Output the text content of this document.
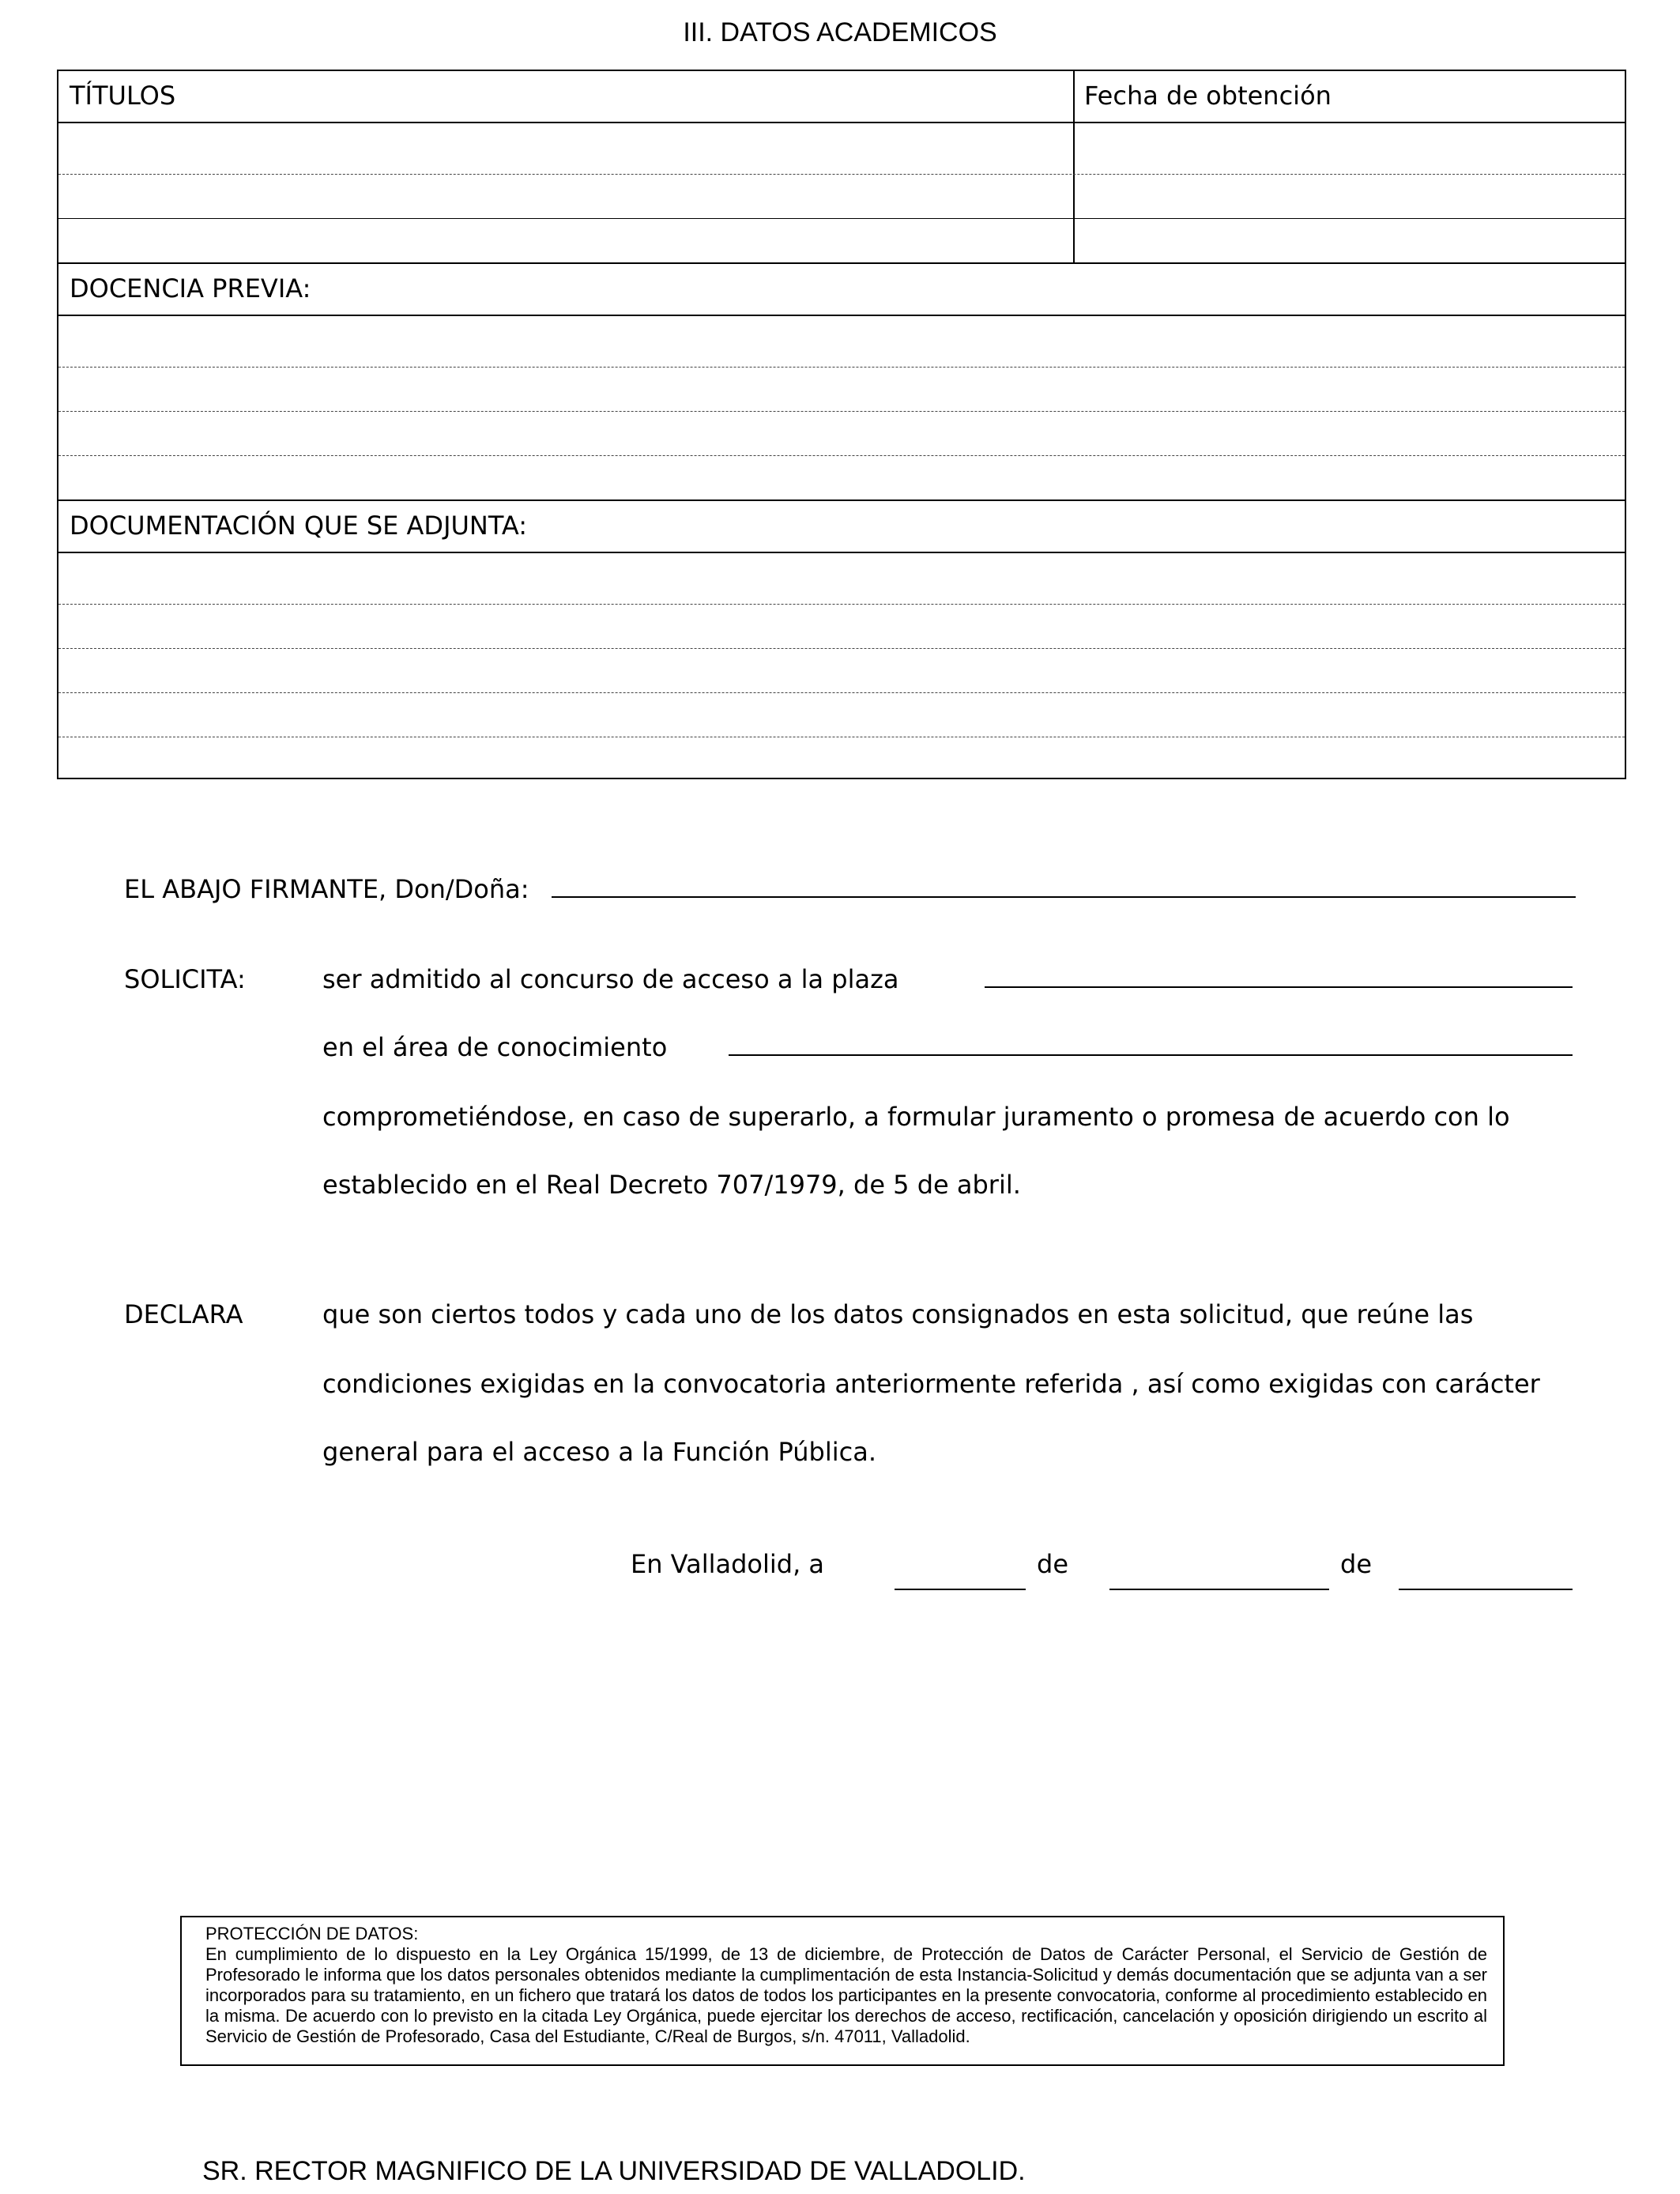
III. DATOS ACADEMICOS
TÍTULOS	Fecha de obtención
DOCENCIA PREVIA:
DOCUMENTACIÓN QUE SE ADJUNTA:
EL ABAJO FIRMANTE, Don/Doña:
SOLICITA:	ser admitido al concurso de acceso a la plaza
en el área de conocimiento
comprometiéndose, en caso de superarlo, a formular juramento o promesa de acuerdo con lo
establecido en el Real Decreto 707/1979, de 5 de abril.
DECLARA	que son ciertos todos y cada uno de los datos consignados en esta solicitud, que reúne las
condiciones exigidas en la convocatoria anteriormente referida , así como exigidas con carácter
general para el acceso a la Función Pública.
En Valladolid, a	de	de
PROTECCIÓN DE DATOS:
En cumplimiento de lo dispuesto en la Ley Orgánica 15/1999, de 13 de diciembre, de Protección de Datos de Carácter Personal, el Servicio de Gestión de Profesorado le informa que los datos personales obtenidos mediante la cumplimentación de esta Instancia-Solicitud y demás documentación que se adjunta van a ser incorporados para su tratamiento, en un fichero que tratará los datos de todos los participantes en la presente convocatoria, conforme al procedimiento establecido en la misma. De acuerdo con lo previsto en la citada Ley Orgánica, puede ejercitar los derechos de acceso, rectificación, cancelación y oposición dirigiendo un escrito al Servicio de Gestión de Profesorado, Casa del Estudiante, C/Real de Burgos, s/n. 47011, Valladolid.
SR. RECTOR MAGNIFICO DE LA UNIVERSIDAD DE VALLADOLID.
